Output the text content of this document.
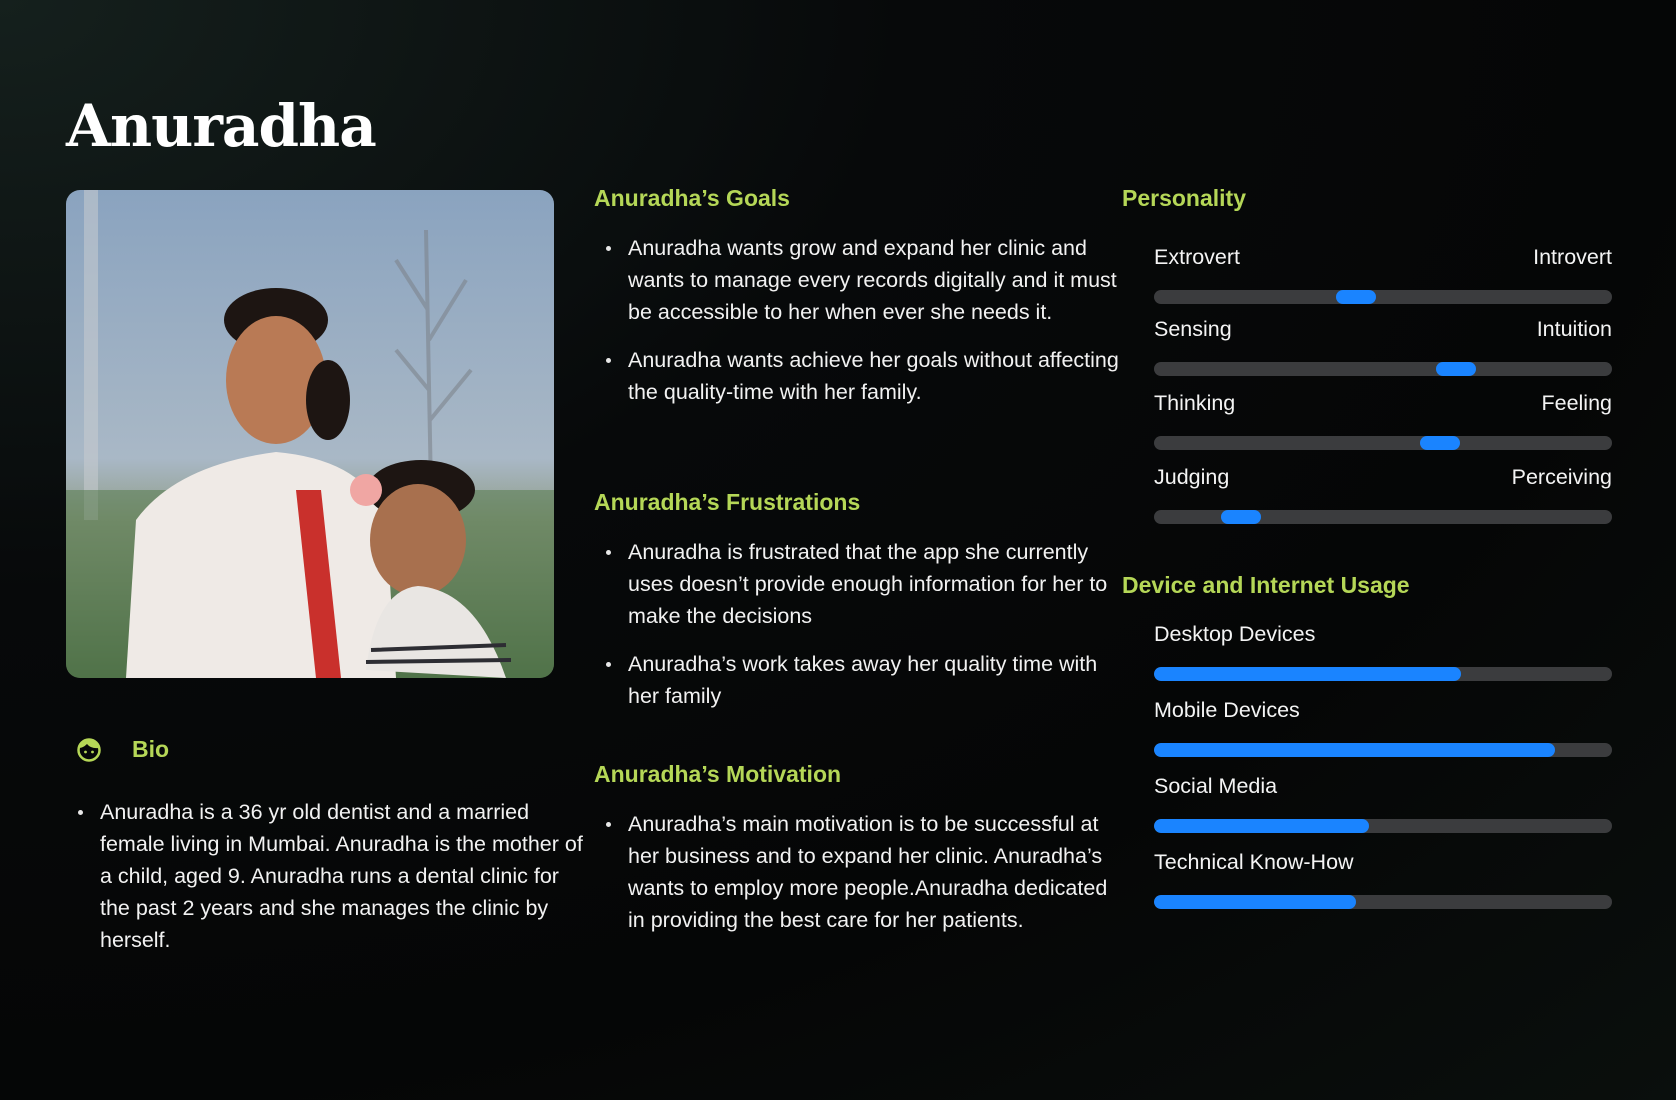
Anuradha
Bio
Anuradha is a 36 yr old dentist and a married female living in Mumbai. Anuradha is the mother of a child, aged 9. Anuradha runs a dental clinic for the past 2 years and she manages the clinic by herself.
Anuradha’s Goals
Anuradha wants grow and expand her clinic and wants to manage every records digitally and it must be accessible to her when ever she needs it.
Anuradha wants achieve her goals without affecting the quality-time with her family.
Anuradha’s Frustrations
Anuradha is frustrated that the app she currently uses doesn’t provide enough information for her to make the decisions
Anuradha’s work takes away her quality time with her family
Anuradha’s Motivation
Anuradha’s main motivation is to be successful at her business and to expand her clinic. Anuradha’s wants to employ more people.Anuradha dedicated in providing the best care for her patients.
Personality
Extrovert	Introvert
Sensing	Intuition
Thinking	Feeling
Judging	Perceiving
Device and Internet Usage
Desktop Devices
Mobile Devices
Social Media
Technical Know-How
